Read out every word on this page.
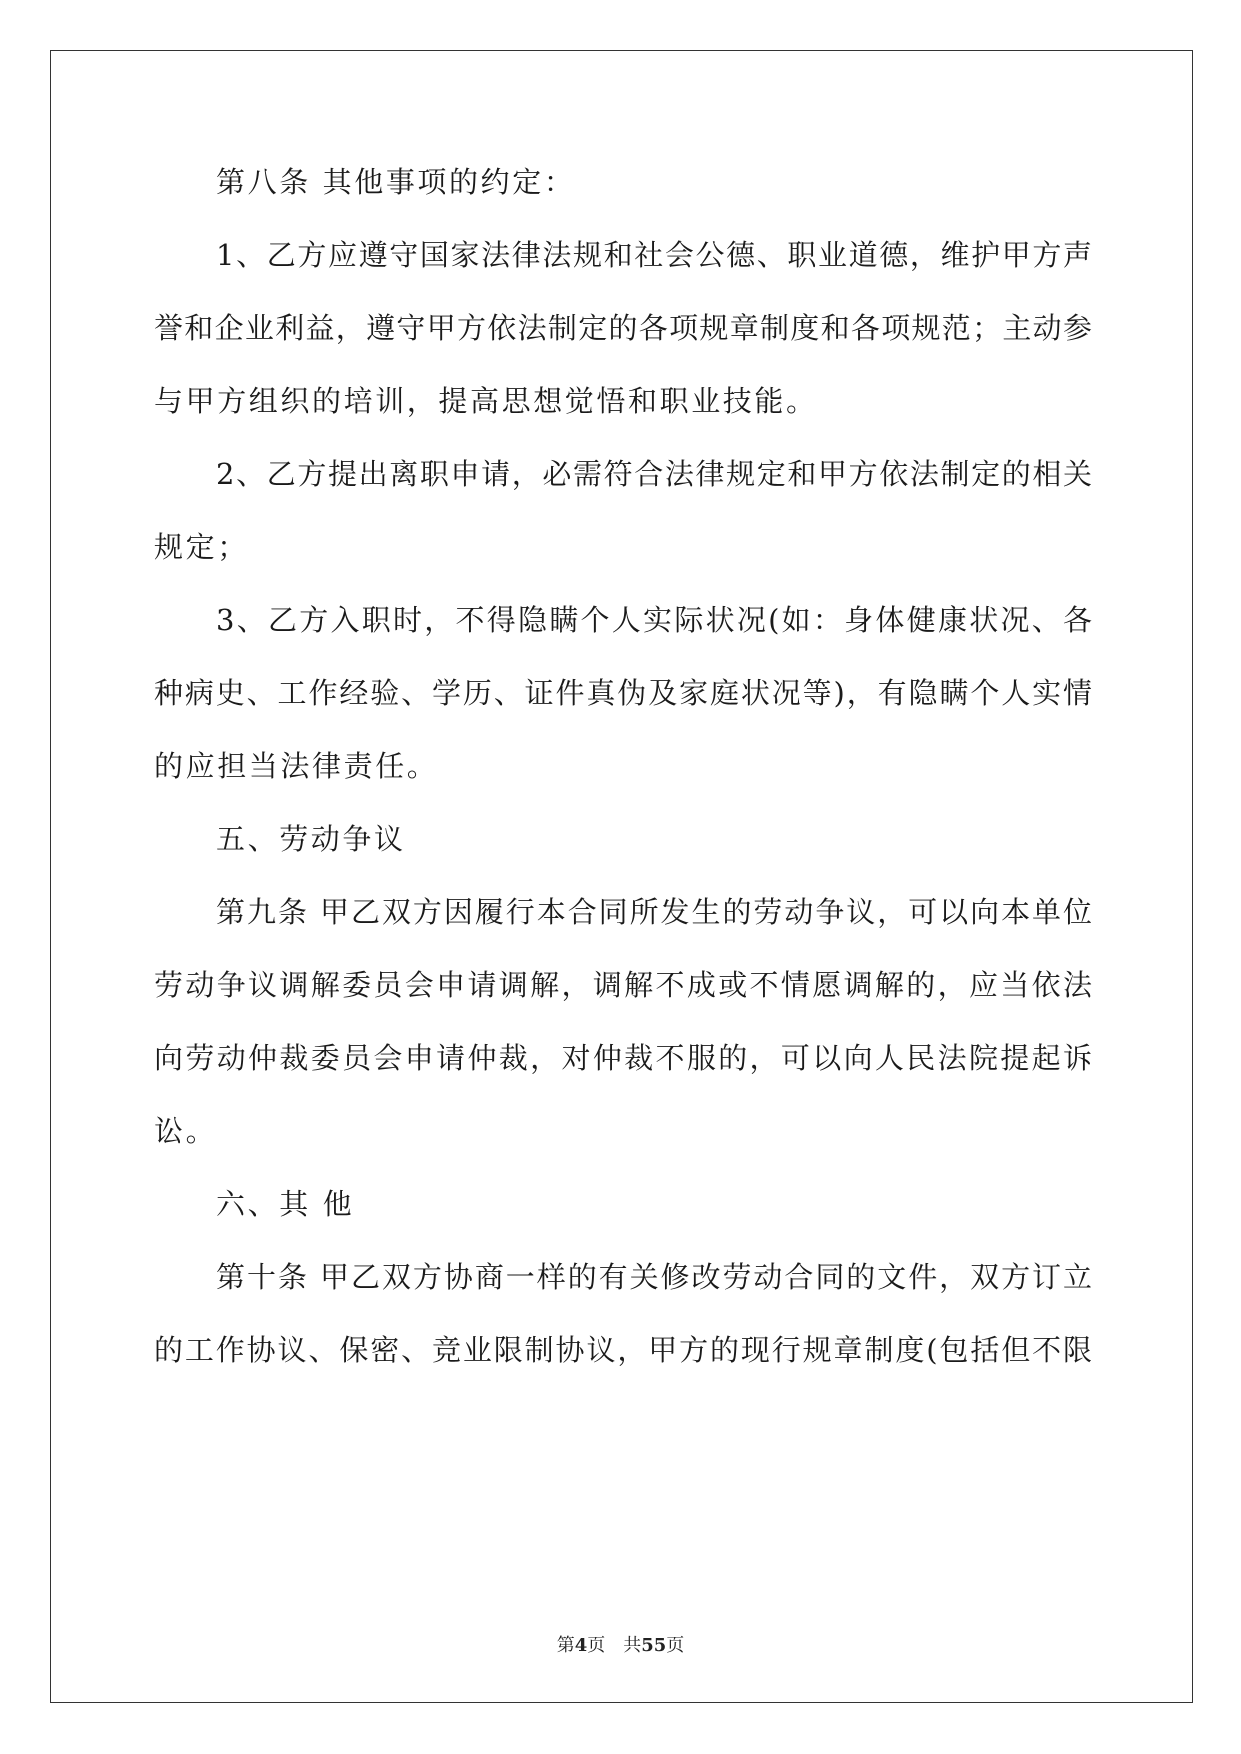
第八条 其他事项的约定：
1、乙方应遵守国家法律法规和社会公德、职业道德，维护甲方声
誉和企业利益，遵守甲方依法制定的各项规章制度和各项规范；主动参
与甲方组织的培训，提高思想觉悟和职业技能。
2、乙方提出离职申请，必需符合法律规定和甲方依法制定的相关
规定；
3、乙方入职时，不得隐瞒个人实际状况(如：身体健康状况、各
种病史、工作经验、学历、证件真伪及家庭状况等)，有隐瞒个人实情
的应担当法律责任。
五、劳动争议
第九条 甲乙双方因履行本合同所发生的劳动争议，可以向本单位
劳动争议调解委员会申请调解，调解不成或不情愿调解的，应当依法
向劳动仲裁委员会申请仲裁，对仲裁不服的，可以向人民法院提起诉
讼。
六、其 他
第十条 甲乙双方协商一样的有关修改劳动合同的文件，双方订立
的工作协议、保密、竞业限制协议，甲方的现行规章制度(包括但不限
第4页 共55页
